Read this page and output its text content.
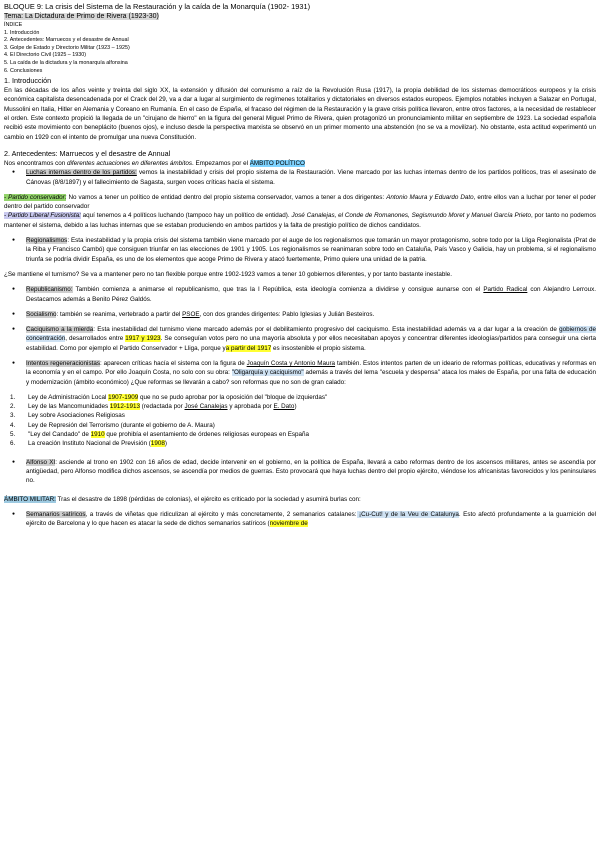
BLOQUE 9: La crisis del Sistema de la Restauración y la caída de la Monarquía (1902- 1931)

Tema: La Dictadura de Primo de Rivera (1923-30)

ÍNDICE

1. Introducción

2. Antecedentes: Marruecos y el desastre de Annual

3. Golpe de Estado y Directorio Militar (1923 – 1925)

4. El Directorio Civil (1925 – 1930)

5. La caída de la dictadura y la monarquía alfonsina

6. Conclusiones

1. Introducción

En las décadas de los años veinte y treinta del siglo XX, la extensión y difusión del comunismo a raíz de la Revolución Rusa (1917), la propia debilidad de los sistemas democráticos europeos y la crisis económica capitalista desencadenada por el Crack del 29, va a dar a lugar al surgimiento de regímenes totalitarios y dictatoriales en diversos estados europeos. Ejemplos notables incluyen a Salazar en Portugal, Mussolini en Italia, Hitler en Alemania y Coreano en Rumanía. En el caso de España, el fracaso del régimen de la Restauración y la grave crisis política llevaron, entre otros factores, a la necesidad de restablecer el orden. Este contexto propició la llegada de un "cirujano de hierro" en la figura del general Miguel Primo de Rivera, quien protagonizó un pronunciamiento militar en septiembre de 1923. La sociedad española recibió este movimiento con beneplácito (buenos ojos), e incluso desde la perspectiva marxista se observó en un primer momento una abstención (no se va a movilizar). No obstante, esta actitud experimentó un cambio en 1929 con el intento de promulgar una nueva Constitución.

2. Antecedentes: Marruecos y el desastre de Annual

Nos encontramos con diferentes actuaciones en diferentes ámbitos. Empezamos por el ÁMBITO POLÍTICO

● Luchas internas dentro de los partidos: vemos la inestabilidad y crisis del propio sistema de la Restauración. Viene marcado por las luchas internas dentro de los partidos políticos, tras el asesinato de Cánovas (8/8/1897) y el fallecimiento de Sagasta, surgen voces críticas hacía el sistema.

- Partido conservador: No vamos a tener un político de entidad dentro del propio sistema conservador, vamos a tener a dos dirigentes: Antonio Maura y Eduardo Dato, entre ellos van a luchar por tener el poder dentro del partido conservador

- Partido Liberal Fusionista: aquí tenemos a 4 políticos luchando (tampoco hay un político de entidad). José Canalejas, el Conde de Romanones, Segismundo Moret y Manuel García Prieto, por tanto no podemos mantener el sistema, debido a las luchas internas que se estaban produciendo en ambos partidos y la falta de prestigio político de dichos candidatos.

● Regionalismos: Esta inestabilidad y la propia crisis del sistema también viene marcado por el auge de los regionalismos que tomarán un mayor protagonismo, sobre todo por la Lliga Regionalista (Prat de la Riba y Francisco Cambó) que consiguen triunfar en las elecciones de 1901 y 1905. Los regionalismos se reanimaran sobre todo en Cataluña, País Vasco y Galicia, hay un problema, si el regionalismo triunfa se podría dividir España, es uno de los elementos que acoge Primo de Rivera y atacó fuertemente, Primo quiere una unidad de la patria.

¿Se mantiene el turnismo? Se va a mantener pero no tan flexible porque entre 1902-1923 vamos a tener 10 gobiernos diferentes, y por tanto bastante inestable.

● Republicanismo: También comienza a animarse el republicanismo, que tras la I República, esta ideología comienza a dividirse y consigue aunarse con el Partido Radical con Alejandro Lerroux. Destacamos además a Benito Pérez Galdós.
● Socialismo: también se reanima, vertebrado a partir del PSOE, con dos grandes dirigentes: Pablo Iglesias y Julián Besteiros.
● Caciquismo a la mierda: Esta inestabilidad del turnismo viene marcado además por el debilitamiento progresivo del caciquismo. Esta inestabilidad además va a dar lugar a la creación de gobiernos de concentración, desarrollados entre 1917 y 1923. Se conseguían votos pero no una mayoría absoluta y por ellos necesitaban apoyos y concentrar diferentes ideologías/partidos para conseguir una cierta estabilidad. Como por ejemplo el Partido Conservador + Lliga, porque ya partir del 1917 es insostenible el propio sistema.
● Intentos regeneracionistas: aparecen críticas hacía el sistema con la figura de Joaquín Costa y Antonio Maura también. Estos intentos parten de un ideario de reformas políticas, educativas y reformas en la economía y en el campo. Por ello Joaquín Costa, no solo con su obra: "Oligarquía y caciquismo" además a través del lema "escuela y despensa" ataca los males de España, por una falta de educación y modernización (ámbito económico) ¿Que reformas se llevarán a cabo? son reformas que no son de gran calado:
1. Ley de Administración Local 1907-1909 que no se pudo aprobar por la oposición del "bloque de izquierdas"
2. Ley de las Mancomunidades 1912-1913 (redactada por José Canalejas y aprobada por E. Dato)
3. Ley sobre Asociaciones Religiosas
4. Ley de Represión del Terrorismo (durante el gobierno de A. Maura)
5. "Ley del Candado" de 1910 que prohibía el asentamiento de órdenes religiosas europeas en España
6. La creación Instituto Nacional de Previsión (1908)
● Alfonso XI: asciende al trono en 1902 con 16 años de edad, decide intervenir en el gobierno, en la política de España, llevará a cabo reformas dentro de los ascensos militares, antes se ascendía por antigüedad, pero Alfonso modifica dichos ascensos, se ascendía por medios de guerras. Esto provocará que haya luchas dentro del propio ejército, viéndose los africanistas favorecidos y los peninsulares no.

ÁMBITO MILITAR: Tras el desastre de 1898 (pérdidas de colonias), el ejército es criticado por la sociedad y asumirá burlas con:

● Semanarios satíricos, a través de viñetas que ridiculizan al ejército y más concretamente, 2 semanarios catalanes: ¡Cu-Cut! y de la Veu de Catalunya. Esto afectó profundamente a la guarnición del ejército de Barcelona y lo que hacen es atacar la sede de dichos semanarios satíricos (noviembre de
